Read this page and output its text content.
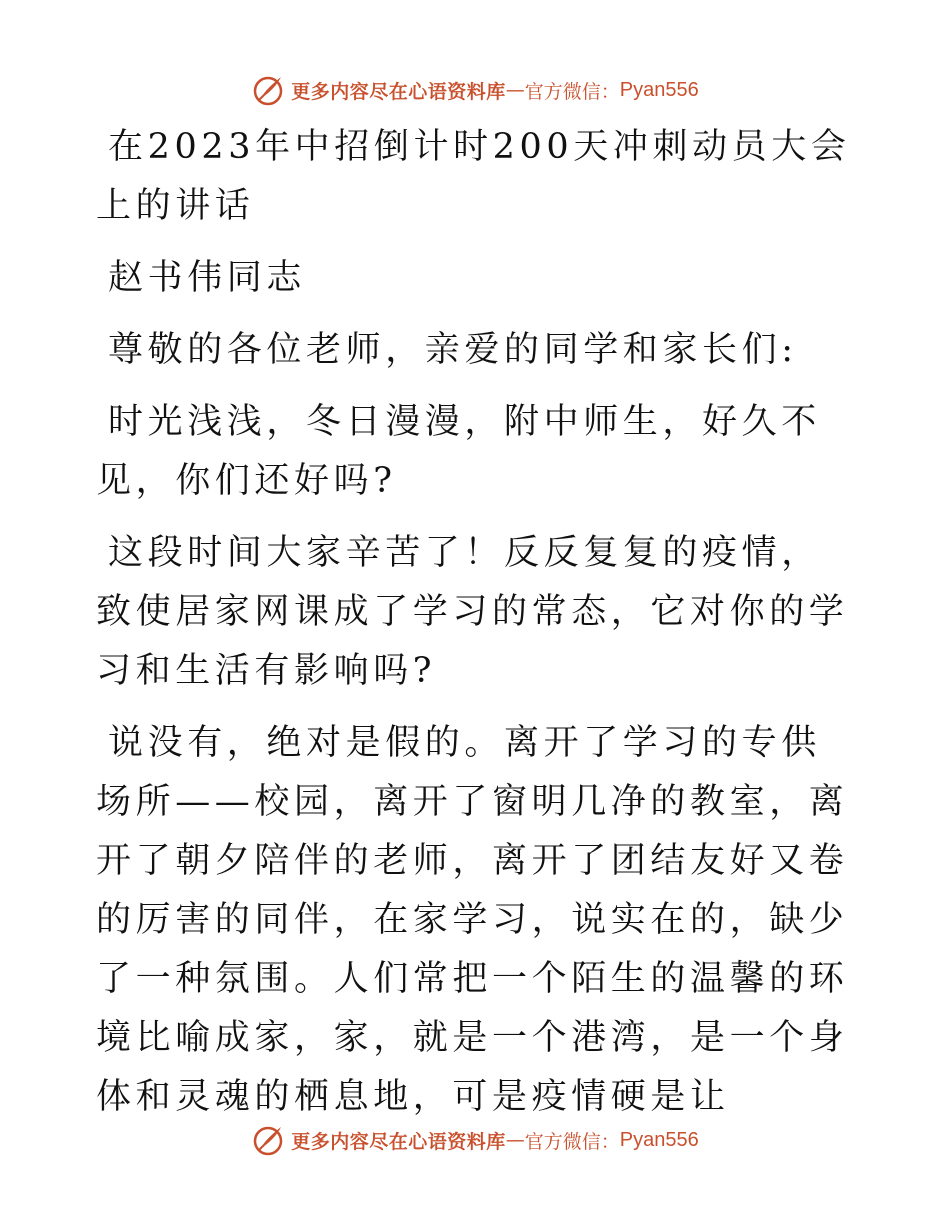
更多内容尽在心语资料库 — 官方微信： Pyan556

在2023年中招倒计时200天冲刺动员大会上的讲话

赵书伟同志

尊敬的各位老师，亲爱的同学和家长们:

时光浅浅，冬日漫漫，附中师生，好久不见，你们还好吗?

这段时间大家辛苦了！反反复复的疫情，致使居家网课成了学习的常态，它对你的学习和生活有影响吗?

说没有，绝对是假的。离开了学习的专供场所——校园，离开了窗明几净的教室，离开了朝夕陪伴的老师，离开了团结友好又卷的厉害的同伴，在家学习，说实在的，缺少了一种氛围。人们常把一个陌生的温馨的环境比喻成家，家，就是一个港湾，是一个身体和灵魂的栖息地，可是疫情硬是让

更多内容尽在心语资料库 — 官方微信： Pyan556
